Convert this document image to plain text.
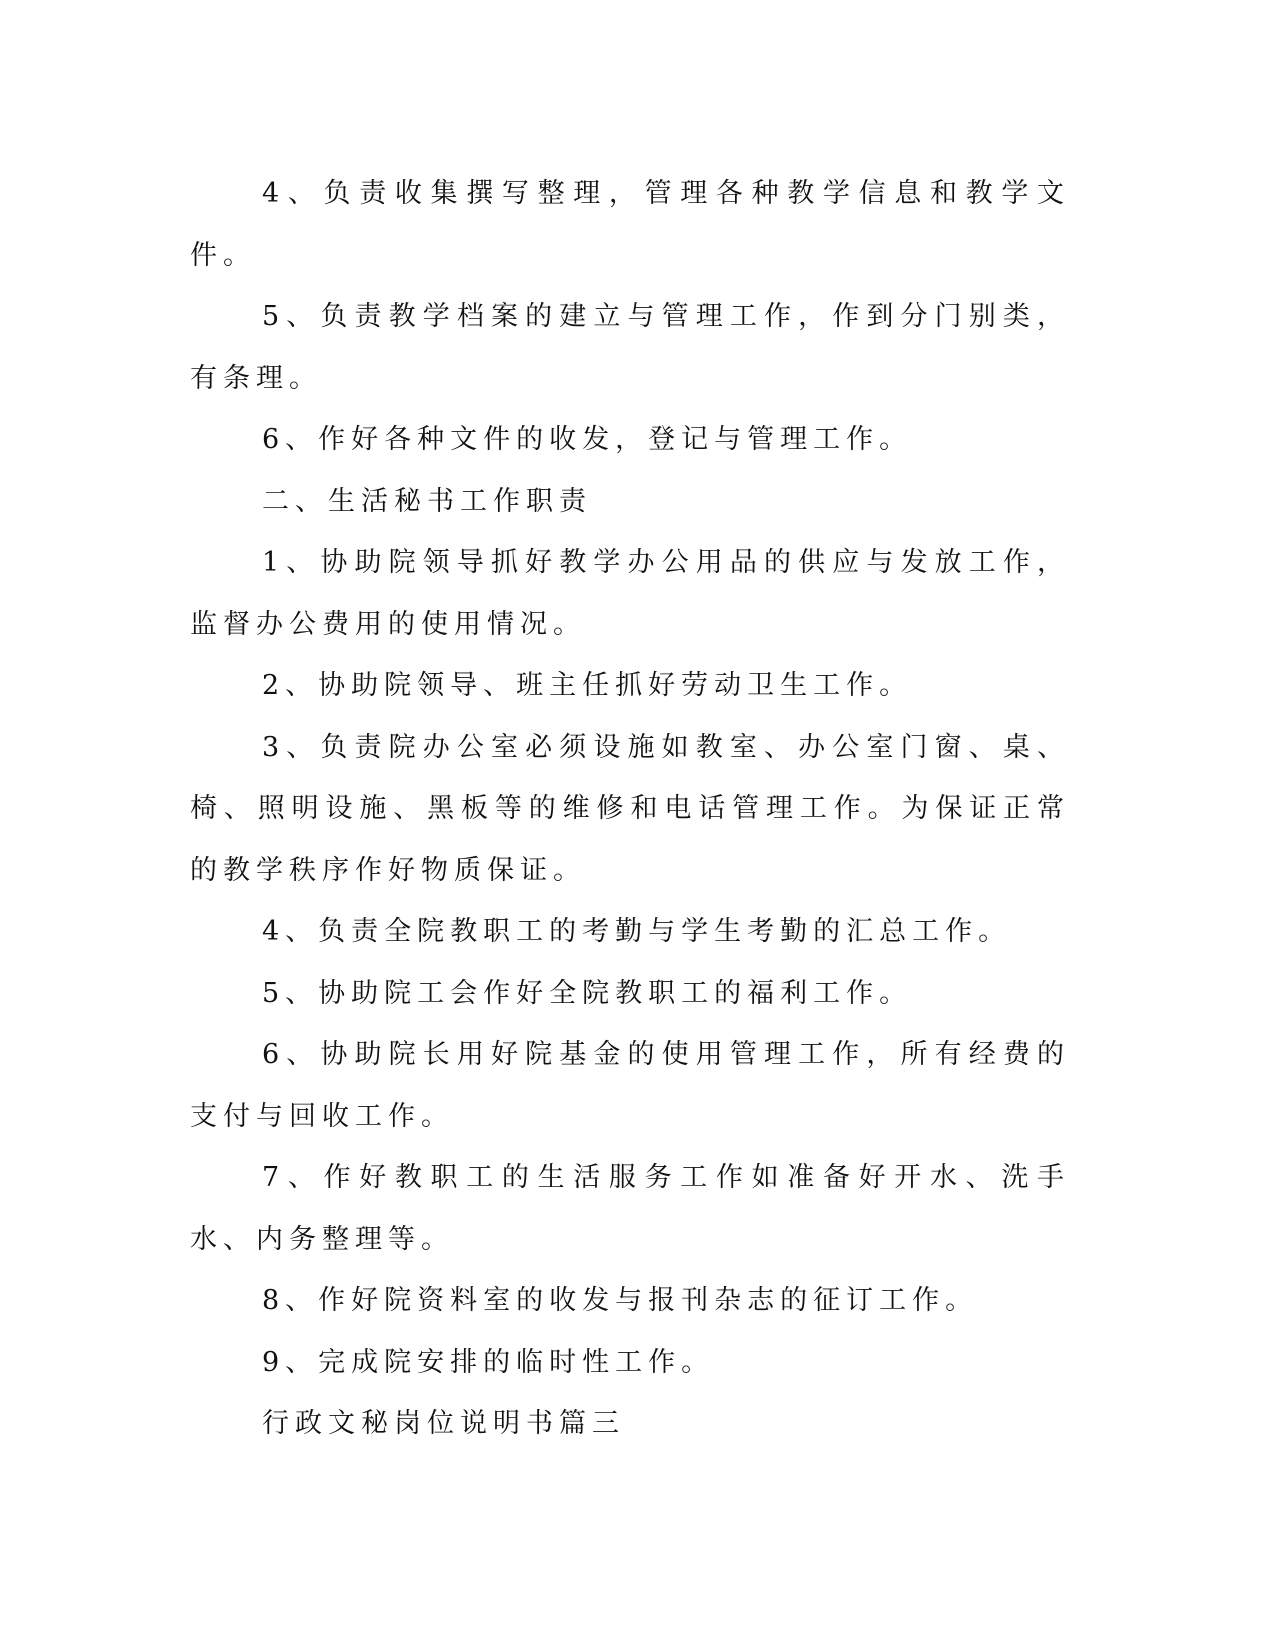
4、负责收集撰写整理，管理各种教学信息和教学文件。

5、负责教学档案的建立与管理工作，作到分门别类，有条理。

6、作好各种文件的收发，登记与管理工作。

二、生活秘书工作职责

1、协助院领导抓好教学办公用品的供应与发放工作，监督办公费用的使用情况。

2、协助院领导、班主任抓好劳动卫生工作。

3、负责院办公室必须设施如教室、办公室门窗、桌、椅、照明设施、黑板等的维修和电话管理工作。为保证正常的教学秩序作好物质保证。

4、负责全院教职工的考勤与学生考勤的汇总工作。

5、协助院工会作好全院教职工的福利工作。

6、协助院长用好院基金的使用管理工作，所有经费的支付与回收工作。

7、作好教职工的生活服务工作如准备好开水、洗手水、内务整理等。

8、作好院资料室的收发与报刊杂志的征订工作。

9、完成院安排的临时性工作。

行政文秘岗位说明书篇三
